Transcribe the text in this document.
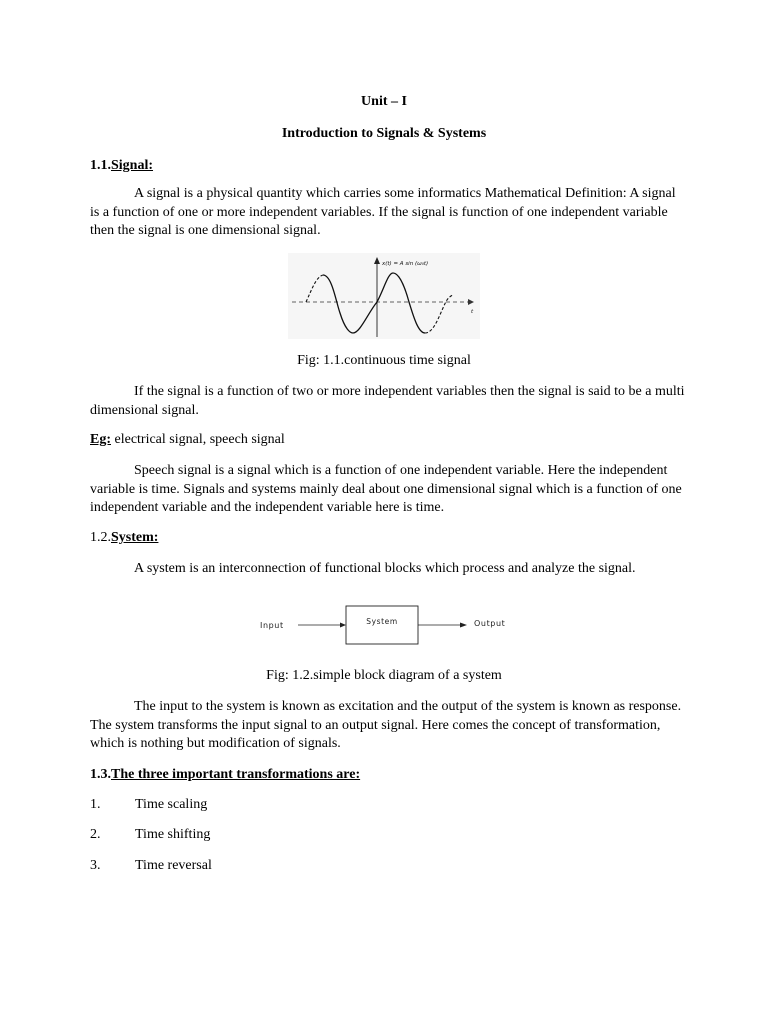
Unit – I
Introduction to Signals & Systems
1.1.Signal:

A signal is a physical quantity which carries some informatics Mathematical Definition: A signal is a function of one or more independent variables. If the signal is function of one independent variable then the signal is one dimensional signal.

x(t) = A sin (ω₀t)
t
Fig: 1.1.continuous time signal

If the signal is a function of two or more independent variables then the signal is said to be a multi dimensional signal.

Eg: electrical signal, speech signal

Speech signal is a signal which is a function of one independent variable. Here the independent variable is time. Signals and systems mainly deal about one dimensional signal which is a function of one independent variable and the independent variable here is time.

1.2.System:

A system is an interconnection of functional blocks which process and analyze the signal.

Input	System	Output
Fig: 1.2.simple block diagram of a system

The input to the system is known as excitation and the output of the system is known as response. The system transforms the input signal to an output signal. Here comes the concept of transformation, which is nothing but modification of signals.

1.3.The three important transformations are:
1. Time scaling
2. Time shifting
3. Time reversal
